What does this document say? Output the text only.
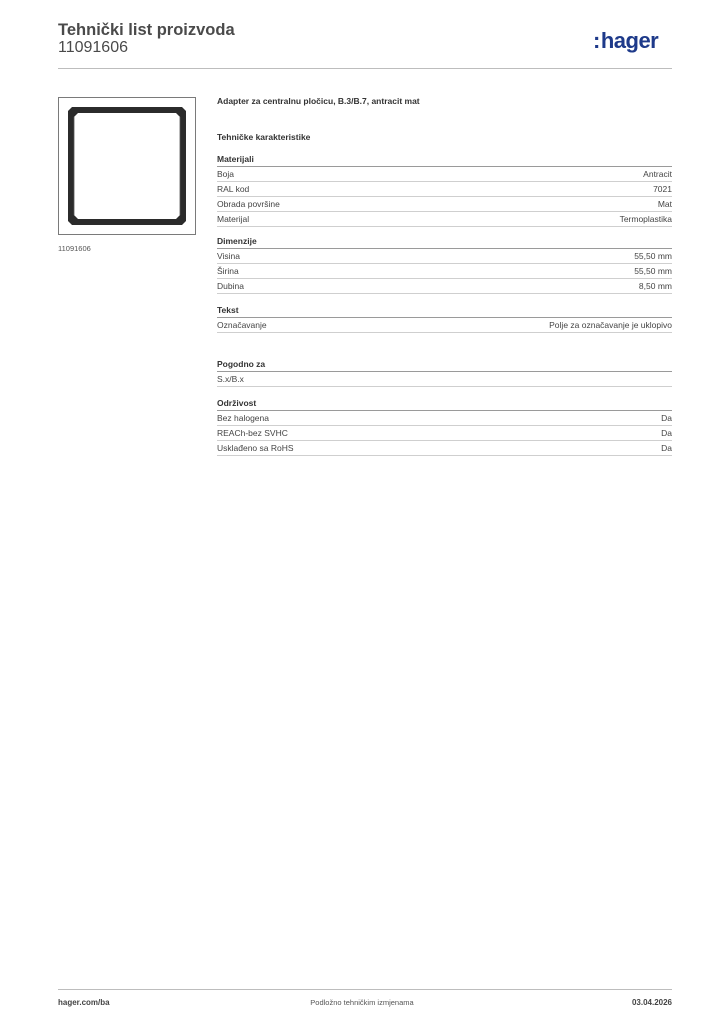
Tehnički list proizvoda
11091606	:hager
11091606
Adapter za centralnu pločicu, B.3/B.7, antracit mat
Tehničke karakteristike
Materijali
Boja	Antracit
RAL kod	7021
Obrada površine	Mat
Materijal	Termoplastika
Dimenzije
Visina	55,50 mm
Širina	55,50 mm
Dubina	8,50 mm
Tekst
Označavanje	Polje za označavanje je uklopivo
Pogodno za
S.x/B.x
Održivost
Bez halogena	Da
REACh-bez SVHC	Da
Usklađeno sa RoHS	Da
hager.com/ba	Podložno tehničkim izmjenama	03.04.2026
